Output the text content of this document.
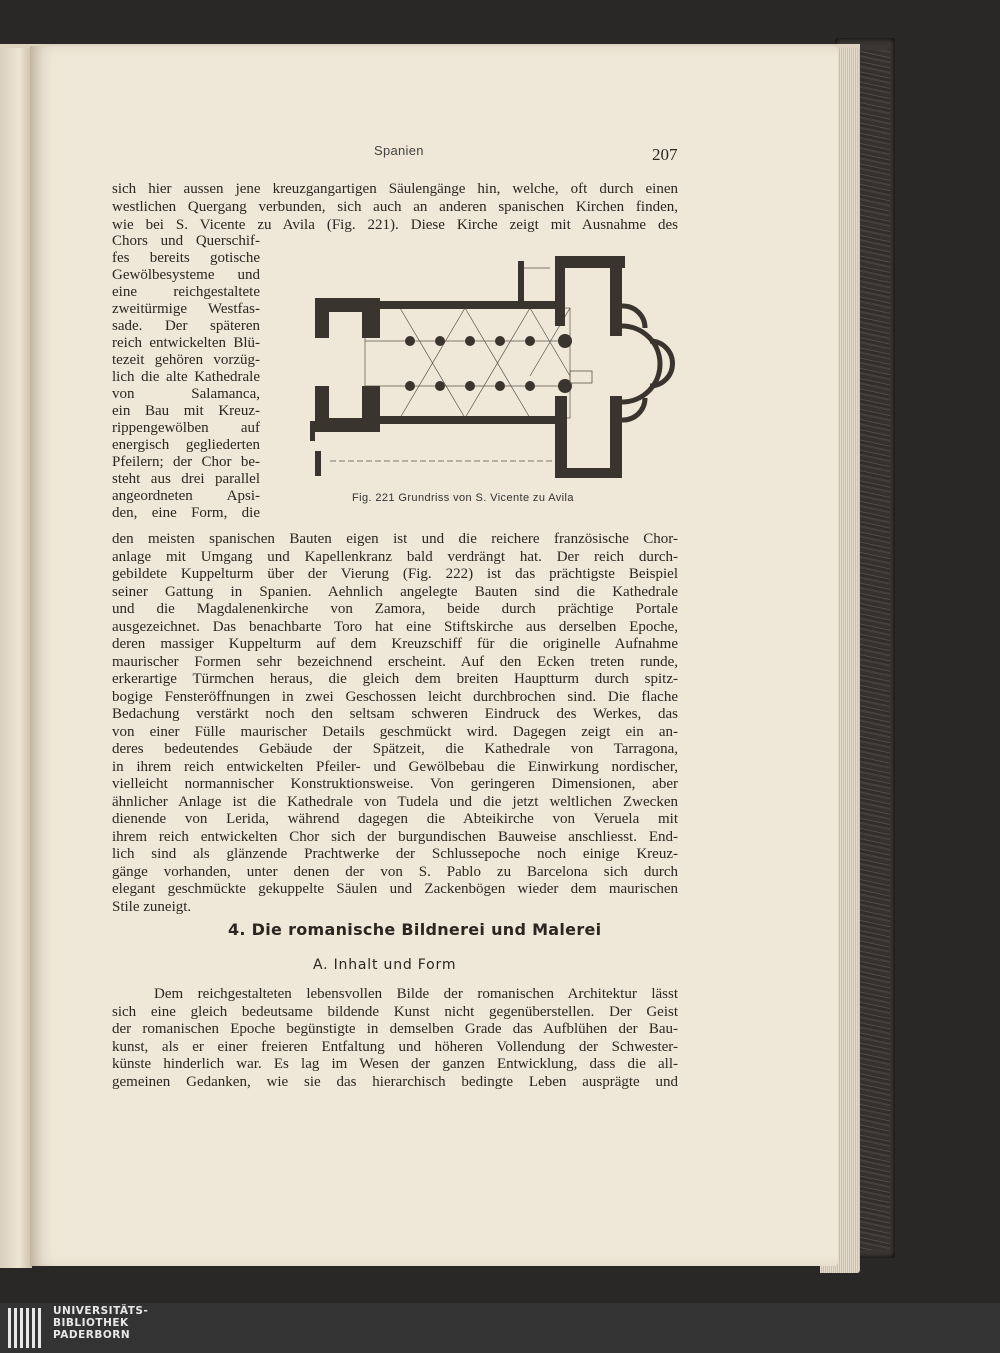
Spanien	207
sich hier aussen jene kreuzgangartigen Säulengänge hin, welche, oft durch einen
westlichen Quergang verbunden, sich auch an anderen spanischen Kirchen finden,
wie bei S. Vicente zu Avila (Fig. 221). Diese Kirche zeigt mit Ausnahme des
Chors und Querschif-
fes bereits gotische
Gewölbesysteme und
eine reichgestaltete
zweitürmige Westfas-
sade. Der späteren
reich entwickelten Blü-
tezeit gehören vorzüg-
lich die alte Kathedrale
von Salamanca,
ein Bau mit Kreuz-
rippengewölben auf
energisch gegliederten
Pfeilern; der Chor be-
steht aus drei parallel
angeordneten Apsi-
den, eine Form, die
Fig. 221 Grundriss von S. Vicente zu Avila
den meisten spanischen Bauten eigen ist und die reichere französische Chor-
anlage mit Umgang und Kapellenkranz bald verdrängt hat. Der reich durch-
gebildete Kuppelturm über der Vierung (Fig. 222) ist das prächtigste Beispiel
seiner Gattung in Spanien. Aehnlich angelegte Bauten sind die Kathedrale
und die Magdalenenkirche von Zamora, beide durch prächtige Portale
ausgezeichnet. Das benachbarte Toro hat eine Stiftskirche aus derselben Epoche,
deren massiger Kuppelturm auf dem Kreuzschiff für die originelle Aufnahme
maurischer Formen sehr bezeichnend erscheint. Auf den Ecken treten runde,
erkerartige Türmchen heraus, die gleich dem breiten Hauptturm durch spitz-
bogige Fensteröffnungen in zwei Geschossen leicht durchbrochen sind. Die flache
Bedachung verstärkt noch den seltsam schweren Eindruck des Werkes, das
von einer Fülle maurischer Details geschmückt wird. Dagegen zeigt ein an-
deres bedeutendes Gebäude der Spätzeit, die Kathedrale von Tarragona,
in ihrem reich entwickelten Pfeiler- und Gewölbebau die Einwirkung nordischer,
vielleicht normannischer Konstruktionsweise. Von geringeren Dimensionen, aber
ähnlicher Anlage ist die Kathedrale von Tudela und die jetzt weltlichen Zwecken
dienende von Lerida, während dagegen die Abteikirche von Veruela mit
ihrem reich entwickelten Chor sich der burgundischen Bauweise anschliesst. End-
lich sind als glänzende Prachtwerke der Schlussepoche noch einige Kreuz-
gänge vorhanden, unter denen der von S. Pablo zu Barcelona sich durch
elegant geschmückte gekuppelte Säulen und Zackenbögen wieder dem maurischen
Stile zuneigt.
4. Die romanische Bildnerei und Malerei
A. Inhalt und Form
Dem reichgestalteten lebensvollen Bilde der romanischen Architektur lässt
sich eine gleich bedeutsame bildende Kunst nicht gegenüberstellen. Der Geist
der romanischen Epoche begünstigte in demselben Grade das Aufblühen der Bau-
kunst, als er einer freieren Entfaltung und höheren Vollendung der Schwester-
künste hinderlich war. Es lag im Wesen der ganzen Entwicklung, dass die all-
gemeinen Gedanken, wie sie das hierarchisch bedingte Leben ausprägte und
UNIVERSITÄTS-
BIBLIOTHEK
PADERBORN
